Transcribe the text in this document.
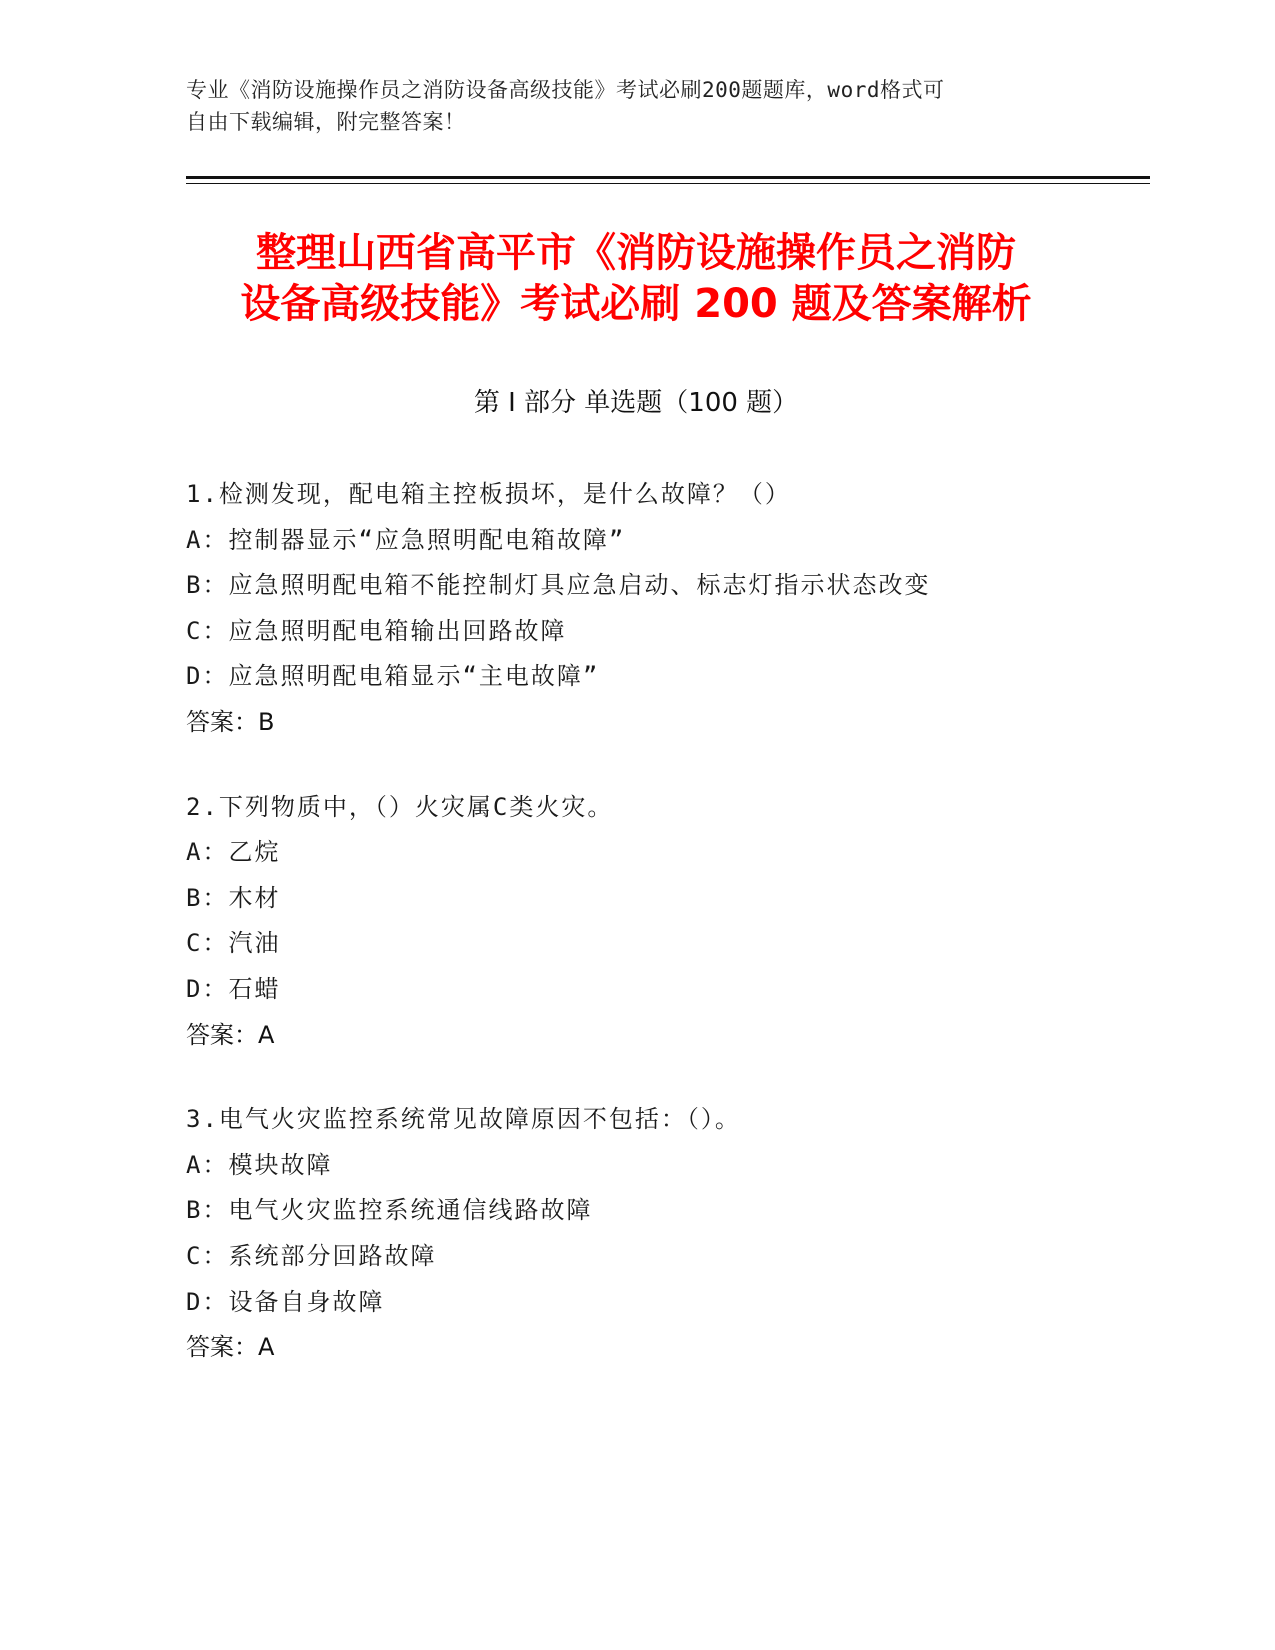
专业《消防设施操作员之消防设备高级技能》考试必刷200题题库，word格式可
自由下载编辑，附完整答案！
整理山西省高平市《消防设施操作员之消防
设备高级技能》考试必刷 200 题及答案解析
第 I 部分 单选题（100 题）
1.检测发现，配电箱主控板损坏，是什么故障？（）
A：控制器显示“应急照明配电箱故障”
B：应急照明配电箱不能控制灯具应急启动、标志灯指示状态改变
C：应急照明配电箱输出回路故障
D：应急照明配电箱显示“主电故障”
答案：B
2.下列物质中，（）火灾属C类火灾。
A：乙烷
B：木材
C：汽油
D：石蜡
答案：A
3.电气火灾监控系统常见故障原因不包括：（）。
A：模块故障
B：电气火灾监控系统通信线路故障
C：系统部分回路故障
D：设备自身故障
答案：A
